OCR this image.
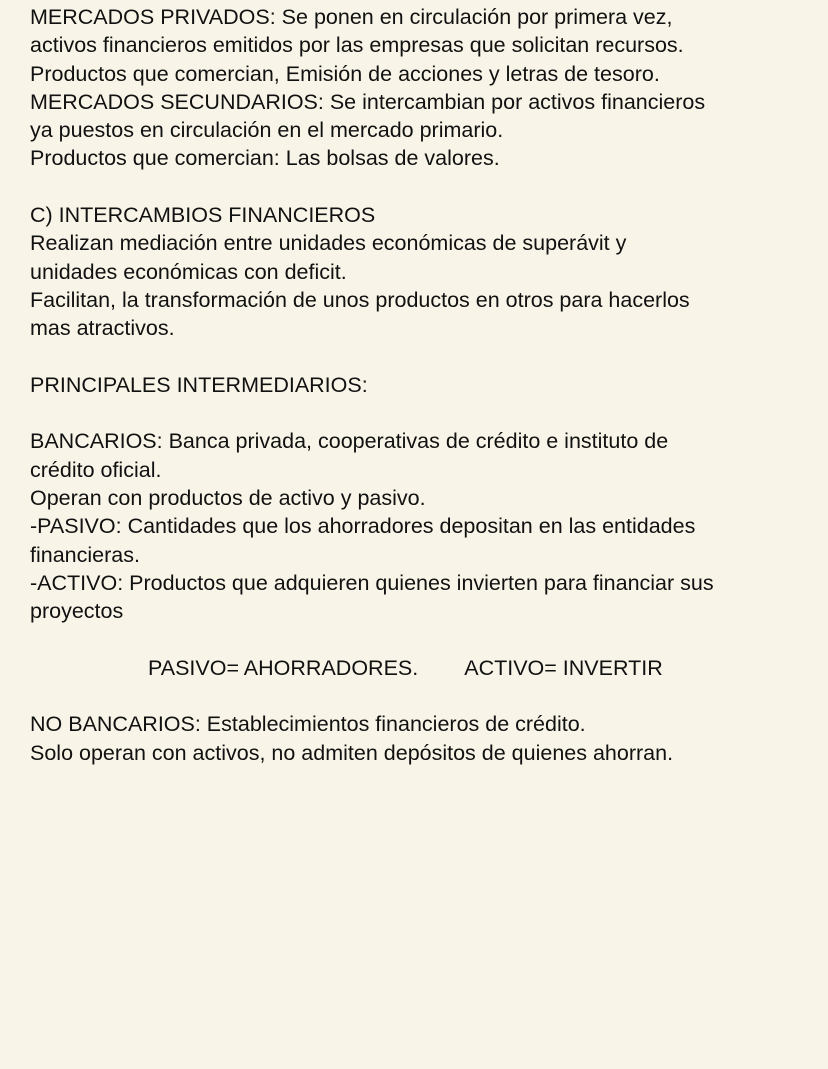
MERCADOS PRIVADOS: Se ponen en circulación por primera vez,
activos financieros emitidos por las empresas que solicitan recursos.
Productos que comercian, Emisión de acciones y letras de tesoro.
MERCADOS SECUNDARIOS: Se intercambian por activos financieros
ya puestos en circulación en el mercado primario.
Productos que comercian: Las bolsas de valores.
C) INTERCAMBIOS FINANCIEROS
Realizan mediación entre unidades económicas de superávit y
unidades económicas con deficit.
Facilitan, la transformación de unos productos en otros para hacerlos
mas atractivos.
PRINCIPALES INTERMEDIARIOS:
BANCARIOS: Banca privada, cooperativas de crédito e instituto de
crédito oficial.
Operan con productos de activo y pasivo.
-PASIVO: Cantidades que los ahorradores depositan en las entidades
financieras.
-ACTIVO: Productos que adquieren quienes invierten para financiar sus
proyectos
PASIVO= AHORRADORES. ACTIVO= INVERTIR
NO BANCARIOS: Establecimientos financieros de crédito.
Solo operan con activos, no admiten depósitos de quienes ahorran.
